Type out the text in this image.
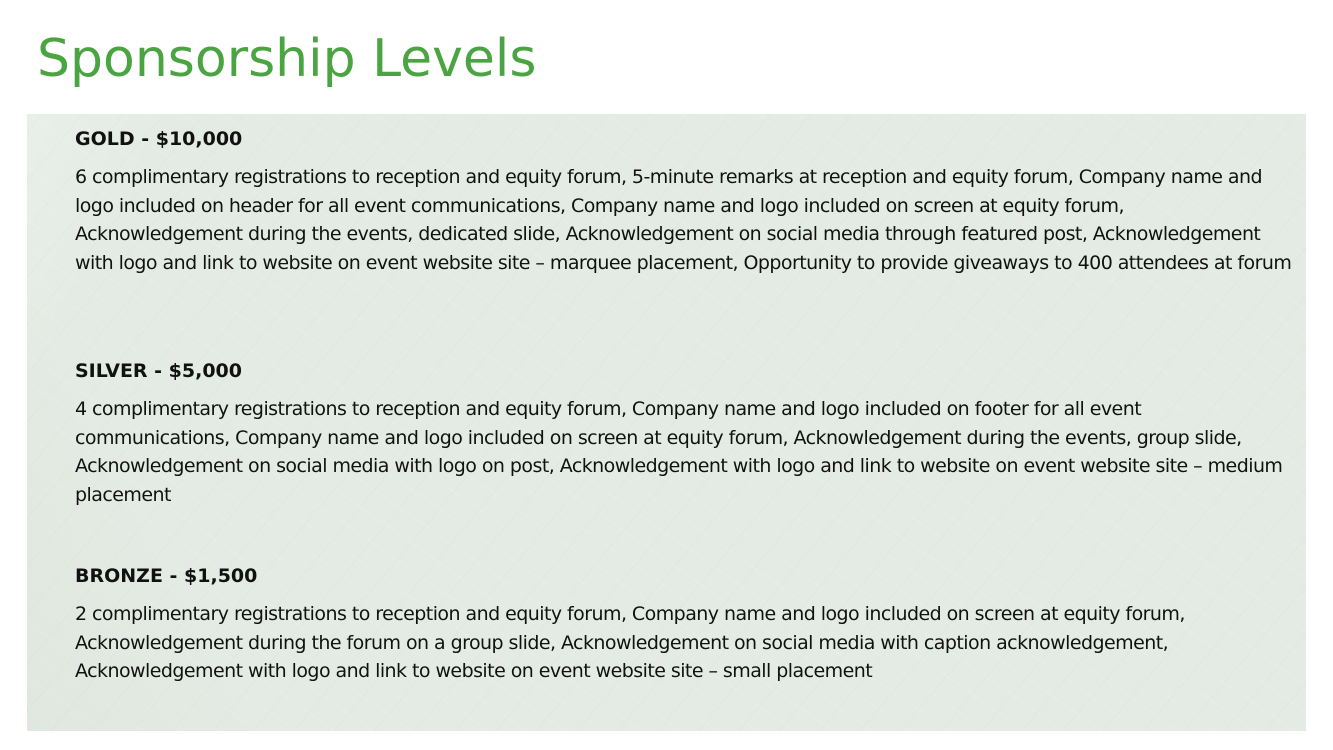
Sponsorship Levels
GOLD - $10,000

6 complimentary registrations to reception and equity forum, 5-minute remarks at reception and equity forum, Company name and logo included on header for all event communications, Company name and logo included on screen at equity forum, Acknowledgement during the events, dedicated slide, Acknowledgement on social media through featured post, Acknowledgement with logo and link to website on event website site – marquee placement, Opportunity to provide giveaways to 400 attendees at forum

SILVER - $5,000

4 complimentary registrations to reception and equity forum, Company name and logo included on footer for all event communications, Company name and logo included on screen at equity forum, Acknowledgement during the events, group slide, Acknowledgement on social media with logo on post, Acknowledgement with logo and link to website on event website site – medium placement

BRONZE - $1,500

2 complimentary registrations to reception and equity forum, Company name and logo included on screen at equity forum, Acknowledgement during the forum on a group slide, Acknowledgement on social media with caption acknowledgement, Acknowledgement with logo and link to website on event website site – small placement
